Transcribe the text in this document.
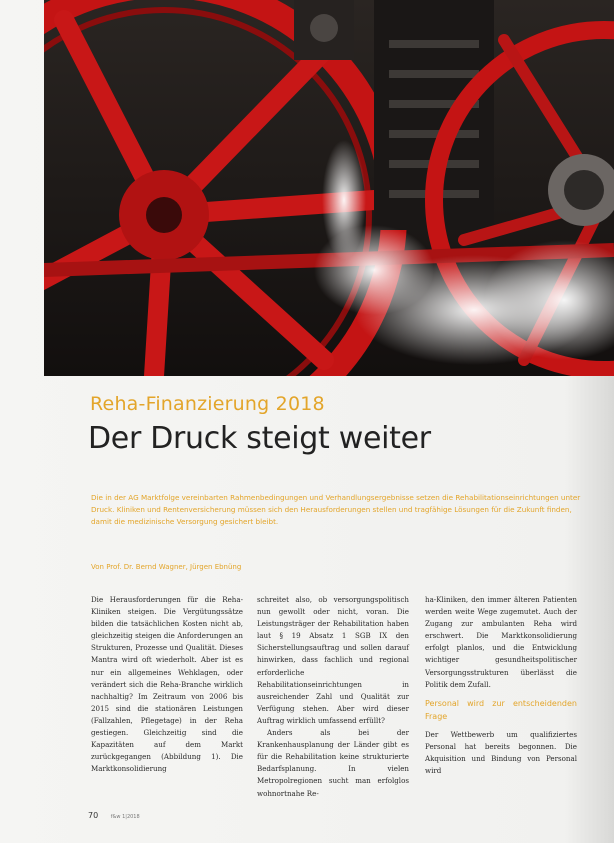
Reha-Finanzierung 2018
Der Druck steigt weiter
Die in der AG Marktfolge vereinbarten Rahmenbedingungen und Verhandlungsergebnisse setzen die Rehabilitationseinrichtungen unter Druck. Kliniken und Rentenversicherung müssen sich den Herausforderungen stellen und tragfähige Lösungen für die Zukunft finden, damit die medizinische Versorgung gesichert bleibt.
Von Prof. Dr. Bernd Wagner, Jürgen Ebnüng

Die Herausforderungen für die Reha-Kliniken steigen. Die Vergütungssätze bilden die tatsächlichen Kosten nicht ab, gleichzeitig steigen die Anforderungen an Strukturen, Prozesse und Qualität. Dieses Mantra wird oft wiederholt. Aber ist es nur ein allgemeines Wehklagen, oder verändert sich die Reha-Branche wirklich nachhaltig? Im Zeitraum von 2006 bis 2015 sind die stationären Leistungen (Fallzahlen, Pflegetage) in der Reha gestiegen. Gleichzeitig sind die Kapazitäten auf dem Markt zurückgegangen (Abbildung 1). Die Marktkonsolidierung

schreitet also, ob versorgungspolitisch nun gewollt oder nicht, voran. Die Leistungsträger der Rehabilitation haben laut § 19 Absatz 1 SGB IX den Sicherstellungsauftrag und sollen darauf hinwirken, dass fachlich und regional erforderliche Rehabilitationseinrichtungen in ausreichender Zahl und Qualität zur Verfügung stehen. Aber wird dieser Auftrag wirklich umfassend erfüllt?

Anders als bei der Krankenhausplanung der Länder gibt es für die Rehabilitation keine strukturierte Bedarfsplanung. In vielen Metropolregionen sucht man erfolglos wohnortnahe Re-

ha-Kliniken, den immer älteren Patienten werden weite Wege zugemutet. Auch der Zugang zur ambulanten Reha wird erschwert. Die Marktkonsolidierung erfolgt planlos, und die Entwicklung wichtiger gesundheitspolitischer Versorgungsstrukturen überlässt die Politik dem Zufall.

Personal wird zur entscheidenden Frage

Der Wettbewerb um qualifiziertes Personal hat bereits begonnen. Die Akquisition und Bindung von Personal wird

70	f&w 1|2018
